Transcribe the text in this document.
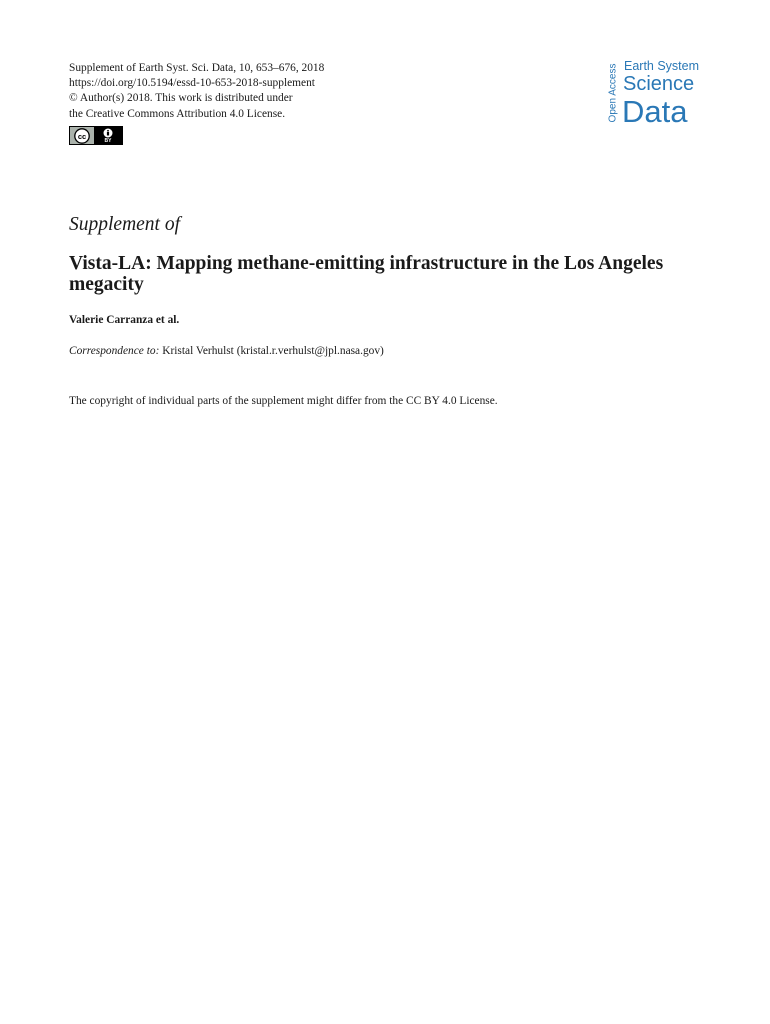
Supplement of Earth Syst. Sci. Data, 10, 653–676, 2018
https://doi.org/10.5194/essd-10-653-2018-supplement
© Author(s) 2018. This work is distributed under
the Creative Commons Attribution 4.0 License.
cc	BY
Open Access Earth System
Science
Data
Supplement of
Vista-LA: Mapping methane-emitting infrastructure in the Los Angeles megacity
Valerie Carranza et al.
Correspondence to: Kristal Verhulst (kristal.r.verhulst@jpl.nasa.gov)
The copyright of individual parts of the supplement might differ from the CC BY 4.0 License.
